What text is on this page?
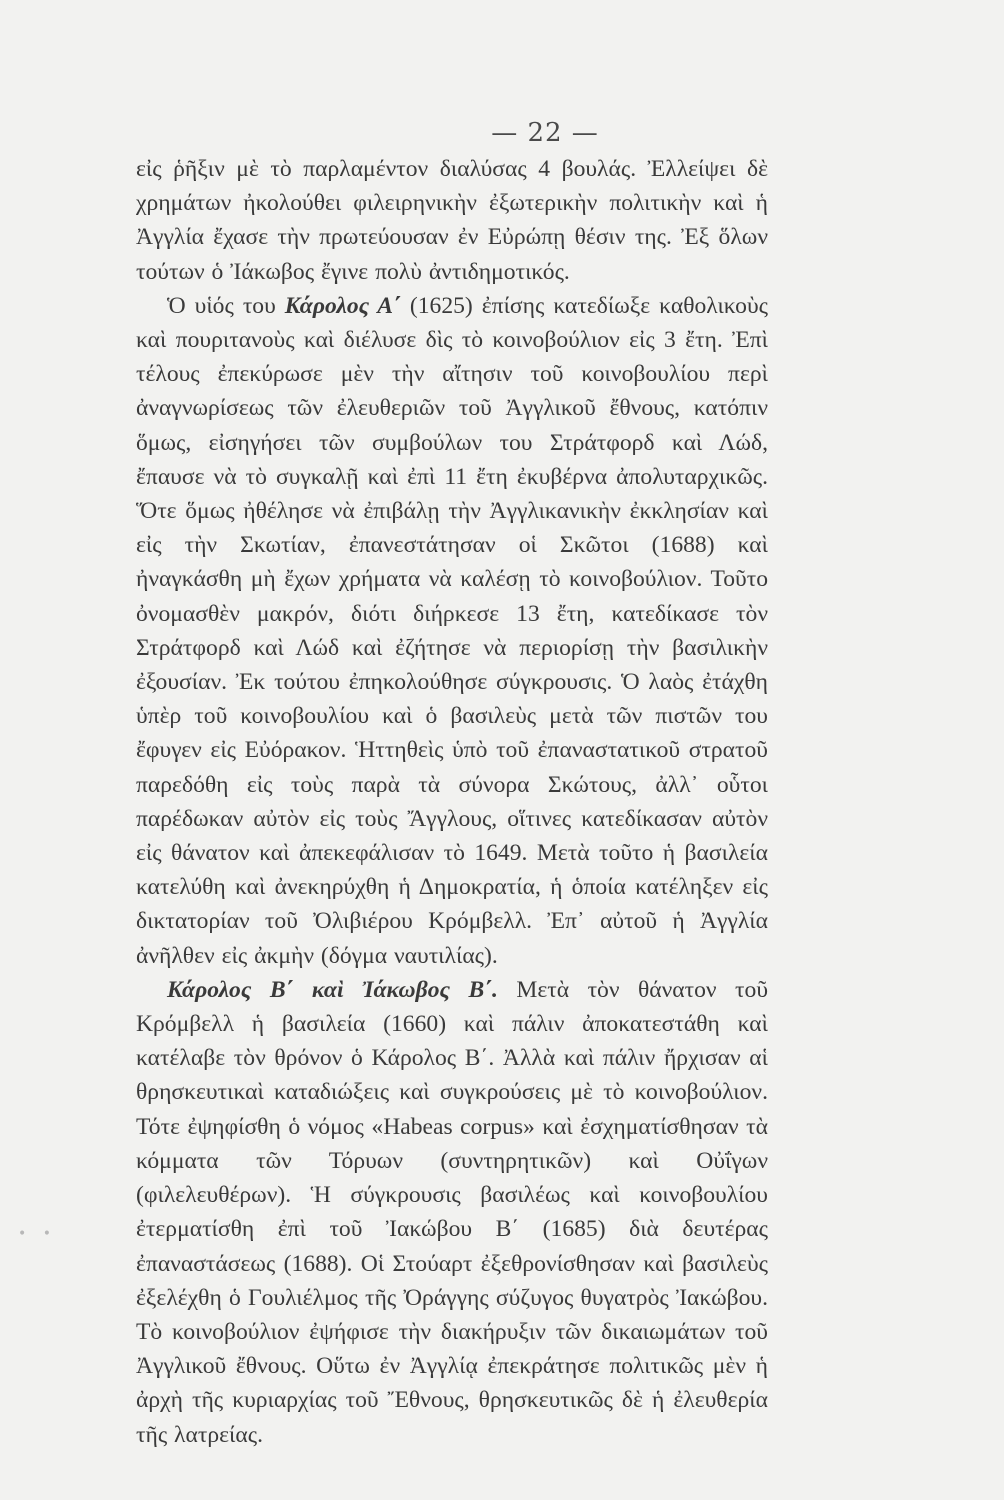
— 22 —

εἰς ῥῆξιν μὲ τὸ παρλαμέντον διαλύσας 4 βουλάς. Ἐλλείψει δὲ χρημάτων ἠκολούθει φιλειρηνικὴν ἐξωτερικὴν πολιτικὴν καὶ ἡ Ἀγγλία ἔχασε τὴν πρωτεύουσαν ἐν Εὐρώπῃ θέσιν της. Ἐξ ὅλων τούτων ὁ Ἰάκωβος ἔγινε πολὺ ἀντιδημοτικός.

Ὁ υἱός του Κάρολος Α΄ (1625) ἐπίσης κατεδίωξε καθολικοὺς καὶ πουριτανοὺς καὶ διέλυσε δὶς τὸ κοινοβούλιον εἰς 3 ἔτη. Ἐπὶ τέλους ἐπεκύρωσε μὲν τὴν αἴτησιν τοῦ κοινοβουλίου περὶ ἀναγνωρίσεως τῶν ἐλευθεριῶν τοῦ Ἀγγλικοῦ ἔθνους, κατόπιν ὅμως, εἰσηγήσει τῶν συμβούλων του Στράτφορδ καὶ Λώδ, ἔπαυσε νὰ τὸ συγκαλῇ καὶ ἐπὶ 11 ἔτη ἐκυβέρνα ἀπολυταρχικῶς. Ὅτε ὅμως ἠθέλησε νὰ ἐπιβάλῃ τὴν Ἀγγλικανικὴν ἐκκλησίαν καὶ εἰς τὴν Σκωτίαν, ἐπανεστάτησαν οἱ Σκῶτοι (1688) καὶ ἠναγκάσθη μὴ ἔχων χρήματα νὰ καλέσῃ τὸ κοινοβούλιον. Τοῦτο ὀνομασθὲν μακρόν, διότι διήρκεσε 13 ἔτη, κατεδίκασε τὸν Στράτφορδ καὶ Λώδ καὶ ἐζήτησε νὰ περιορίσῃ τὴν βασιλικὴν ἐξουσίαν. Ἐκ τούτου ἐπηκολούθησε σύγκρουσις. Ὁ λαὸς ἐτάχθη ὑπὲρ τοῦ κοινοβουλίου καὶ ὁ βασιλεὺς μετὰ τῶν πιστῶν του ἔφυγεν εἰς Εὐόρακον. Ἡττηθεὶς ὑπὸ τοῦ ἐπαναστατικοῦ στρατοῦ παρεδόθη εἰς τοὺς παρὰ τὰ σύνορα Σκώτους, ἀλλ᾿ οὗτοι παρέδωκαν αὐτὸν εἰς τοὺς Ἄγγλους, οἵτινες κατεδίκασαν αὐτὸν εἰς θάνατον καὶ ἀπεκεφάλισαν τὸ 1649. Μετὰ τοῦτο ἡ βασιλεία κατελύθη καὶ ἀνεκηρύχθη ἡ Δημοκρατία, ἡ ὁποία κατέληξεν εἰς δικτατορίαν τοῦ Ὀλιβιέρου Κρόμβελλ. Ἐπ᾿ αὐτοῦ ἡ Ἀγγλία ἀνῆλθεν εἰς ἀκμὴν (δόγμα ναυτιλίας).

Κάρολος Β΄ καὶ Ἰάκωβος Β΄. Μετὰ τὸν θάνατον τοῦ Κρόμβελλ ἡ βασιλεία (1660) καὶ πάλιν ἀποκατεστάθη καὶ κατέλαβε τὸν θρόνον ὁ Κάρολος Β΄. Ἀλλὰ καὶ πάλιν ἤρχισαν αἱ θρησκευτικαὶ καταδιώξεις καὶ συγκρούσεις μὲ τὸ κοινοβούλιον. Τότε ἐψηφίσθη ὁ νόμος «Habeas corpus» καὶ ἐσχηματίσθησαν τὰ κόμματα τῶν Τόρυων (συντηρητικῶν) καὶ Οὐΐγων (φιλελευθέρων). Ἡ σύγκρουσις βασιλέως καὶ κοινοβουλίου ἐτερματίσθη ἐπὶ τοῦ Ἰακώβου Β΄ (1685) διὰ δευτέρας ἐπαναστάσεως (1688). Οἱ Στούαρτ ἐξεθρονίσθησαν καὶ βασιλεὺς ἐξελέχθη ὁ Γουλιέλμος τῆς Ὀράγγης σύζυγος θυγατρὸς Ἰακώβου. Τὸ κοινοβούλιον ἐψήφισε τὴν διακήρυξιν τῶν δικαιωμάτων τοῦ Ἀγγλικοῦ ἔθνους. Οὕτω ἐν Ἀγγλίᾳ ἐπεκράτησε πολιτικῶς μὲν ἡ ἀρχὴ τῆς κυριαρχίας τοῦ Ἔθνους, θρησκευτικῶς δὲ ἡ ἐλευθερία τῆς λατρείας.

• •
